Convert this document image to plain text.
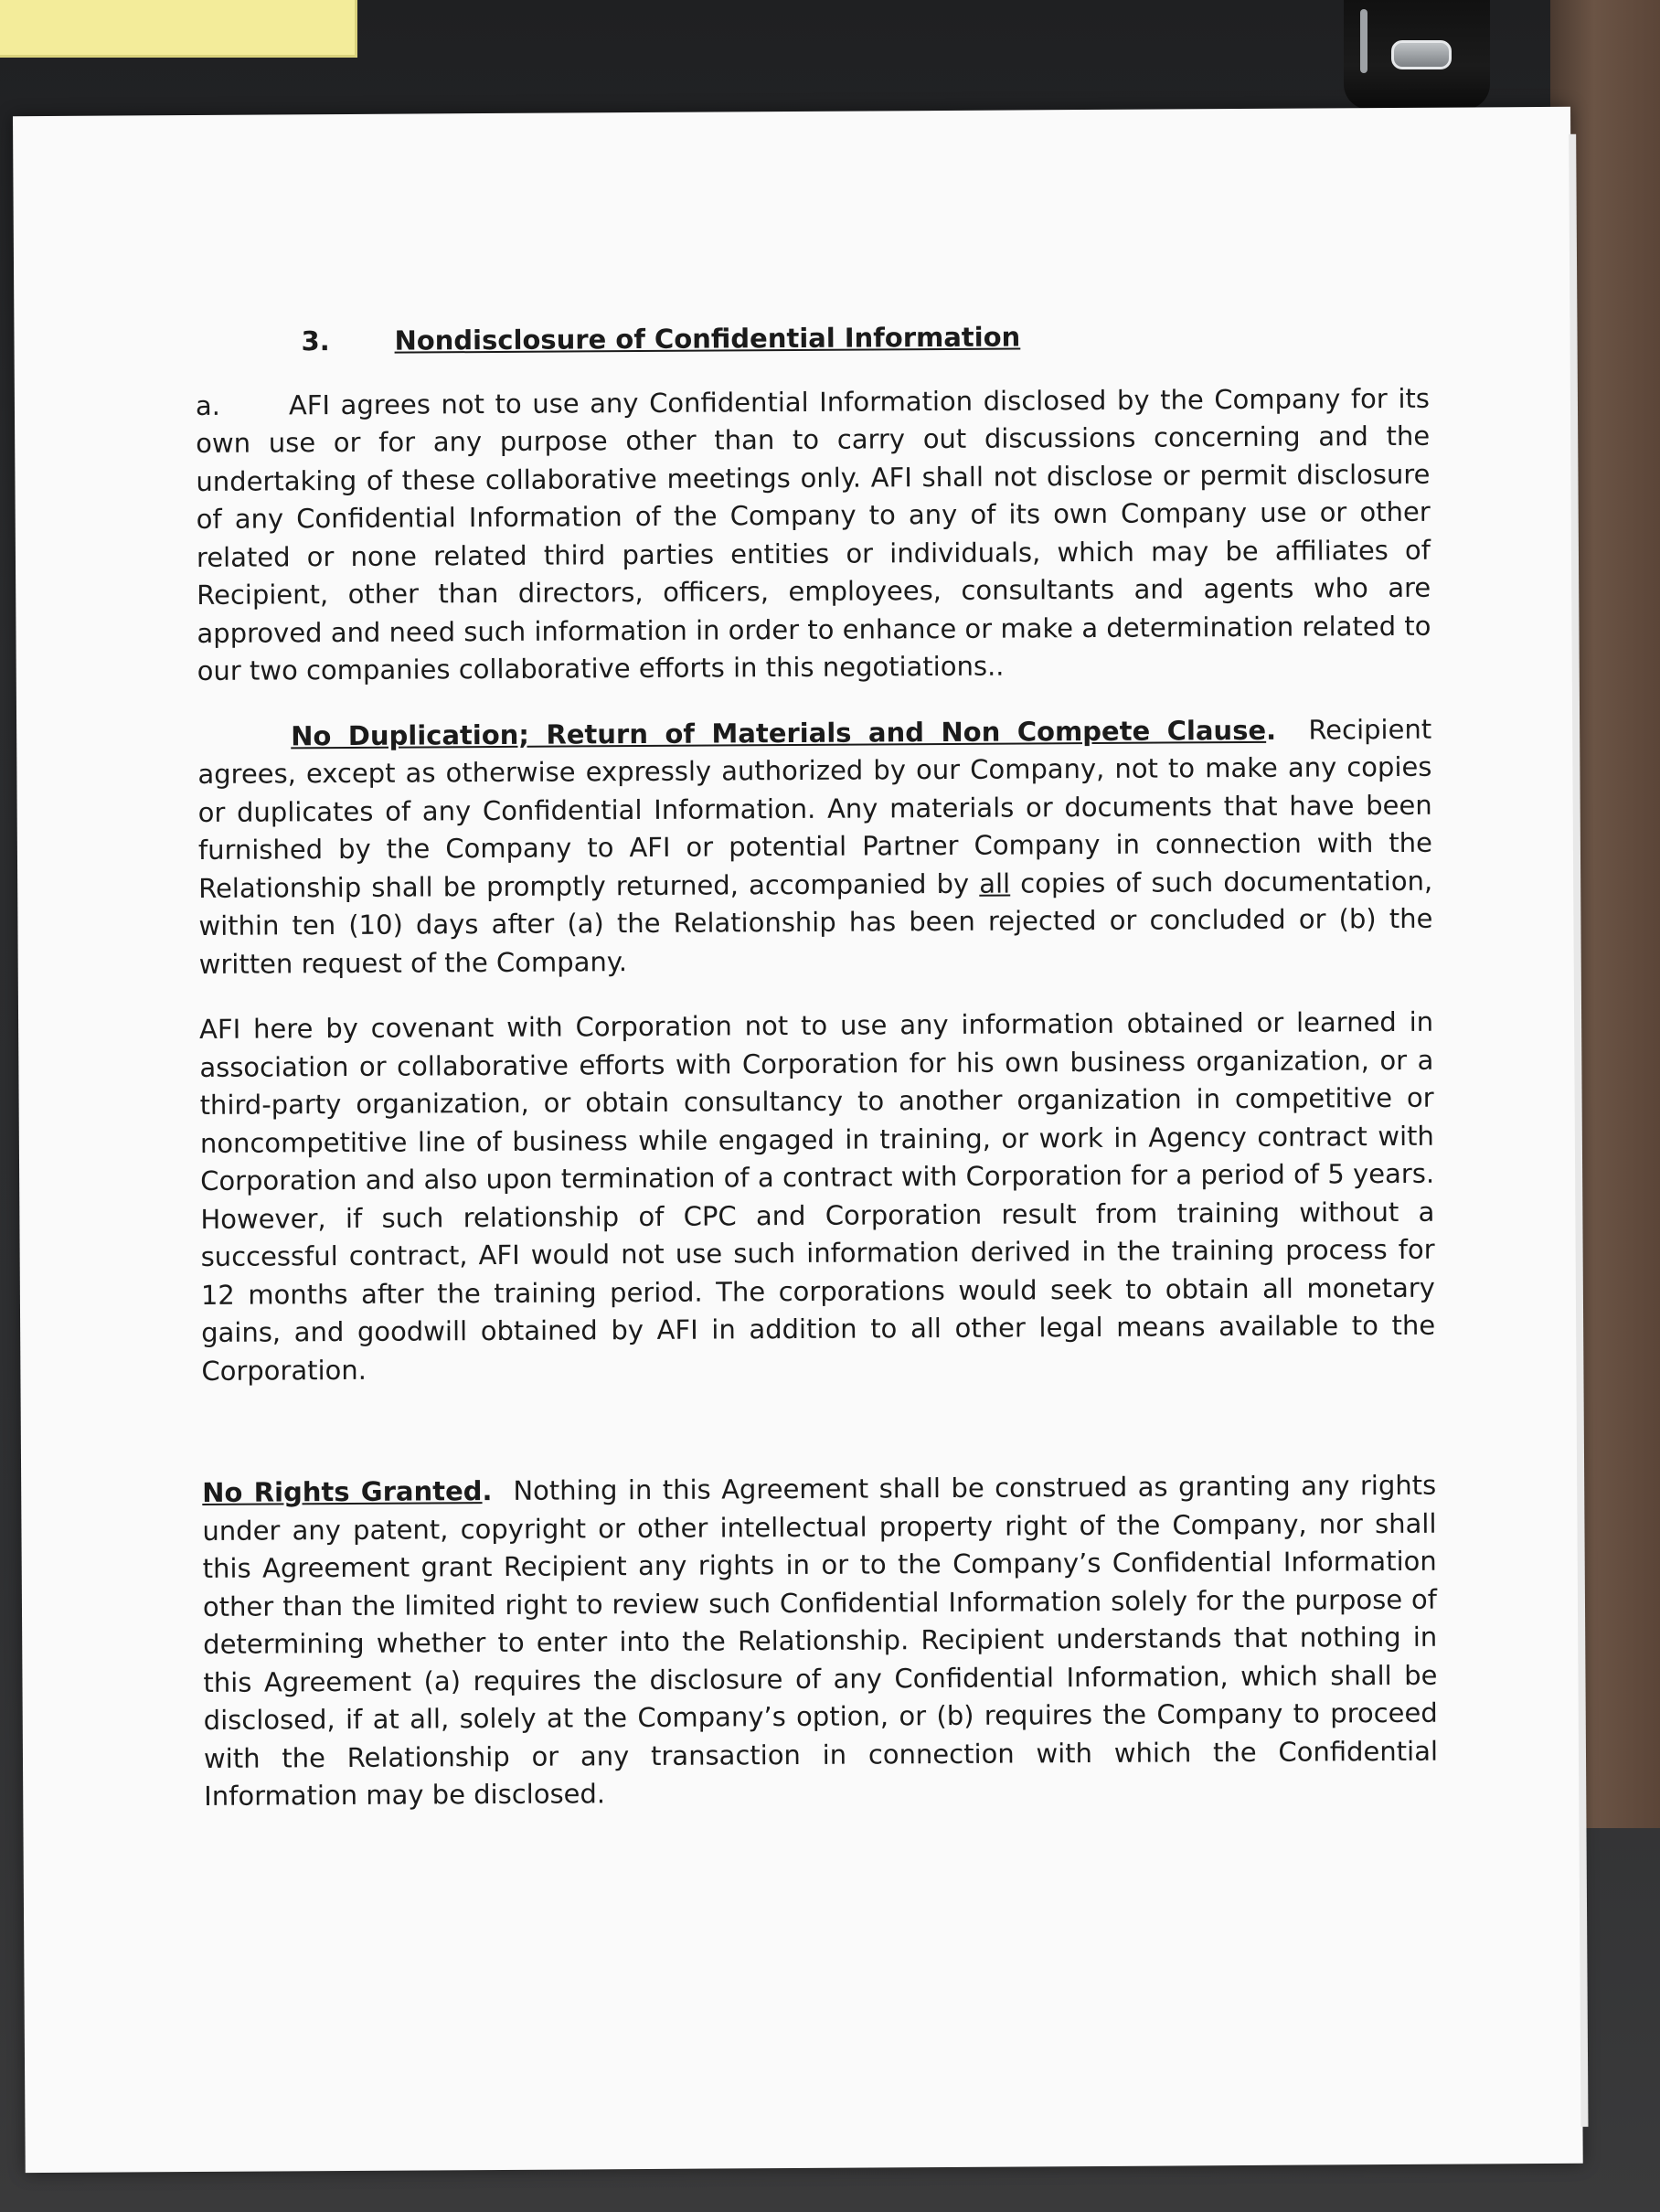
3. Nondisclosure of Confidential Information

a.	AFI agrees not to use any Confidential Information disclosed by the Company for its own use or for any purpose other than to carry out discussions concerning and the undertaking of these collaborative meetings only. AFI shall not disclose or permit disclosure of any Confidential Information of the Company to any of its own Company use or other related or none related third parties entities or individuals, which may be affiliates of Recipient, other than directors, officers, employees, consultants and agents who are approved and need such information in order to enhance or make a determination related to our two companies collaborative efforts in this negotiations..

No Duplication; Return of Materials and Non Compete Clause. Recipient agrees, except as otherwise expressly authorized by our Company, not to make any copies or duplicates of any Confidential Information. Any materials or documents that have been furnished by the Company to AFI or potential Partner Company in connection with the Relationship shall be promptly returned, accompanied by all copies of such documentation, within ten (10) days after (a) the Relationship has been rejected or concluded or (b) the written request of the Company.

AFI here by covenant with Corporation not to use any information obtained or learned in association or collaborative efforts with Corporation for his own business organization, or a third-party organization, or obtain consultancy to another organization in competitive or noncompetitive line of business while engaged in training, or work in Agency contract with Corporation and also upon termination of a contract with Corporation for a period of 5 years. However, if such relationship of CPC and Corporation result from training without a successful contract, AFI would not use such information derived in the training process for 12 months after the training period. The corporations would seek to obtain all monetary gains, and goodwill obtained by AFI in addition to all other legal means available to the Corporation.

No Rights Granted. Nothing in this Agreement shall be construed as granting any rights under any patent, copyright or other intellectual property right of the Company, nor shall this Agreement grant Recipient any rights in or to the Company’s Confidential Information other than the limited right to review such Confidential Information solely for the purpose of determining whether to enter into the Relationship. Recipient understands that nothing in this Agreement (a) requires the disclosure of any Confidential Information, which shall be disclosed, if at all, solely at the Company’s option, or (b) requires the Company to proceed with the Relationship or any transaction in connection with which the Confidential Information may be disclosed.
